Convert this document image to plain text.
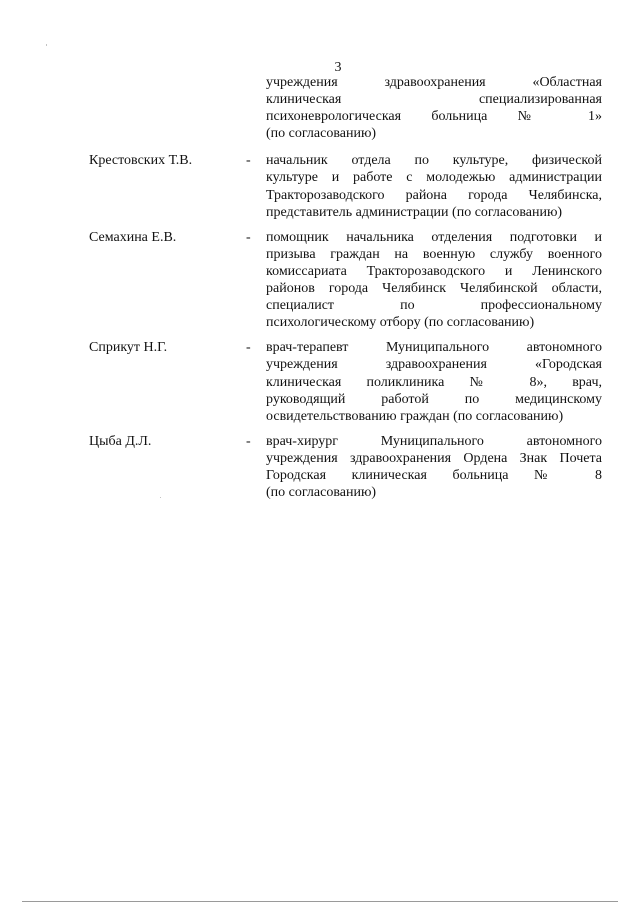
3
учреждения здравоохранения «Областная
клиническая специализированная
психоневрологическая больница № 1»
(по согласованию)
Крестовских Т.В.	-	начальник отдела по культуре, физической
культуре и работе с молодежью администрации
Тракторозаводского района города Челябинска,
представитель администрации (по согласованию)
Семахина Е.В.	-	помощник начальника отделения подготовки и
призыва граждан на военную службу военного
комиссариата Тракторозаводского и Ленинского
районов города Челябинск Челябинской области,
специалист по профессиональному
психологическому отбору (по согласованию)
Сприкут Н.Г.	-	врач-терапевт Муниципального автономного
учреждения здравоохранения «Городская
клиническая поликлиника № 8», врач,
руководящий работой по медицинскому
освидетельствованию граждан (по согласованию)
Цыба Д.Л.	-	врач-хирург Муниципального автономного
учреждения здравоохранения Ордена Знак Почета
Городская клиническая больница № 8
(по согласованию)
